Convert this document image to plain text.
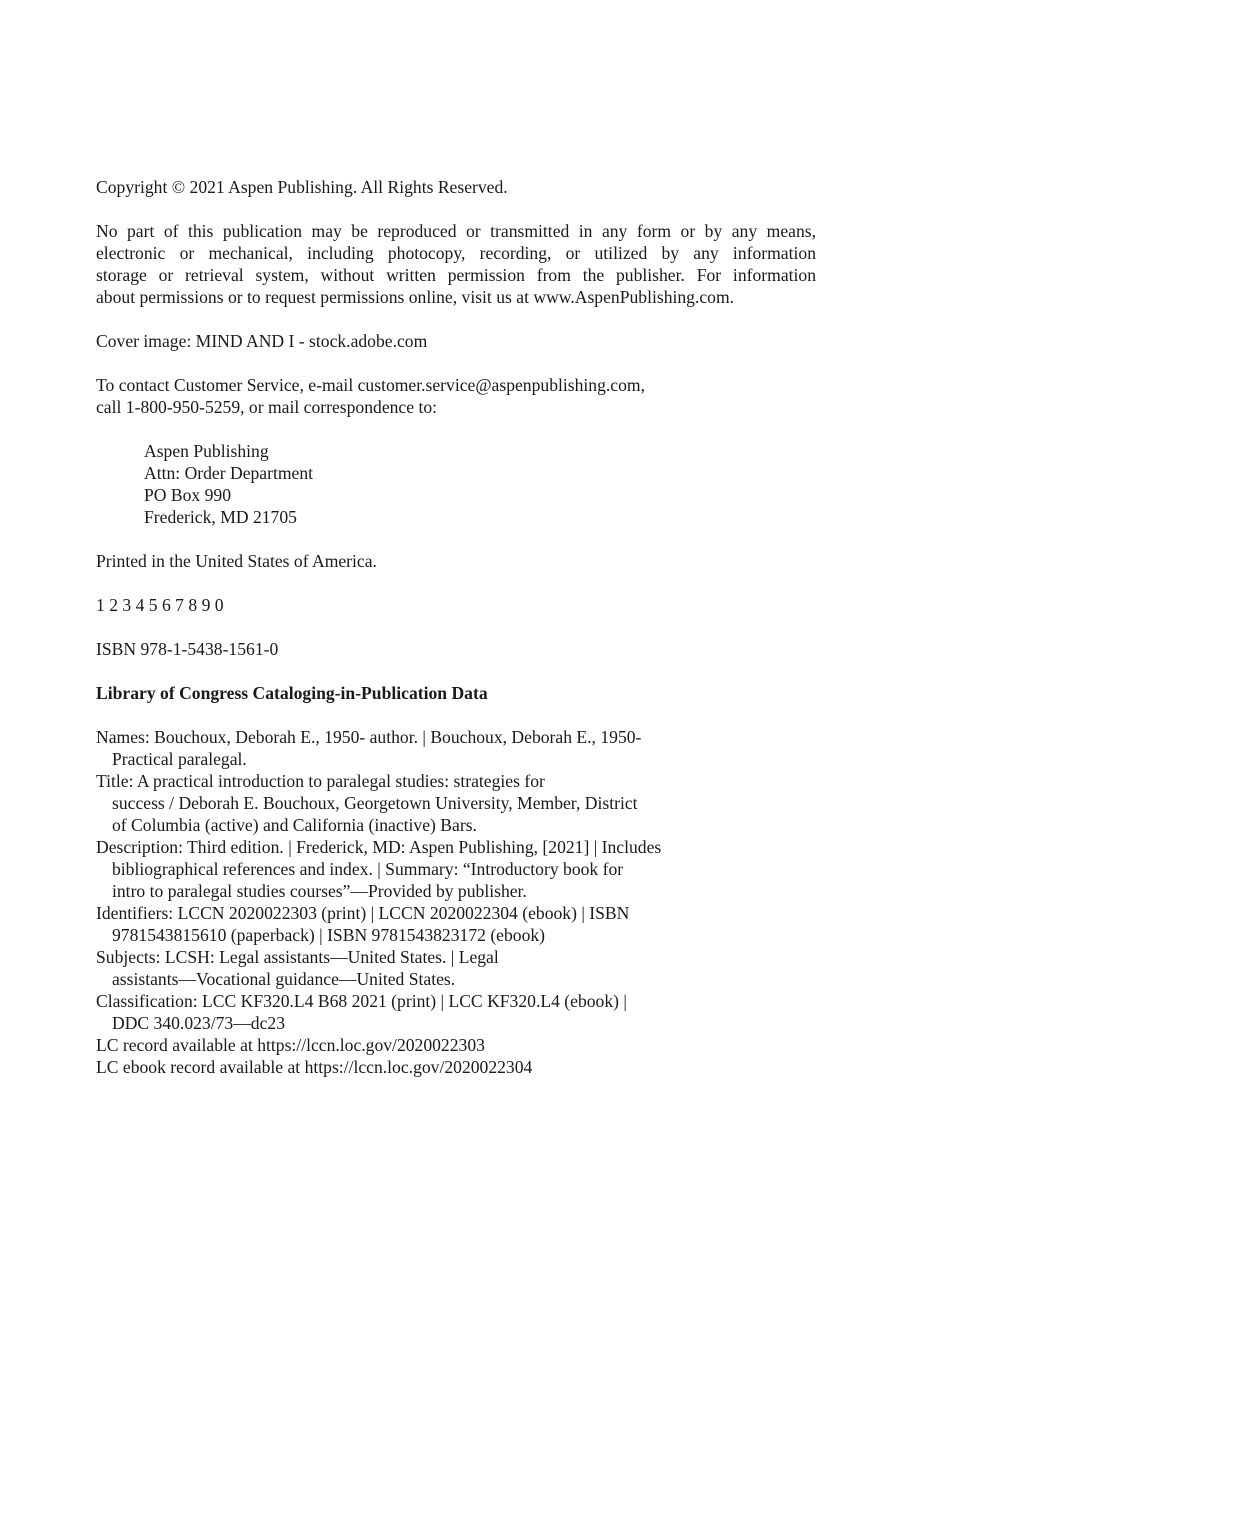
Copyright © 2021 Aspen Publishing. All Rights Reserved.
No part of this publication may be reproduced or transmitted in any form or by any means,
electronic or mechanical, including photocopy, recording, or utilized by any information
storage or retrieval system, without written permission from the publisher. For information
about permissions or to request permissions online, visit us at www.AspenPublishing.com.
Cover image: MIND AND I - stock.adobe.com
To contact Customer Service, e-mail customer.service@aspenpublishing.com,
call 1-800-950-5259, or mail correspondence to:
Aspen Publishing
Attn: Order Department
PO Box 990
Frederick, MD 21705
Printed in the United States of America.
1 2 3 4 5 6 7 8 9 0
ISBN 978-1-5438-1561-0
Library of Congress Cataloging-in-Publication Data
Names: Bouchoux, Deborah E., 1950- author. | Bouchoux, Deborah E., 1950-
Practical paralegal.
Title: A practical introduction to paralegal studies: strategies for
success / Deborah E. Bouchoux, Georgetown University, Member, District
of Columbia (active) and California (inactive) Bars.
Description: Third edition. | Frederick, MD: Aspen Publishing, [2021] | Includes
bibliographical references and index. | Summary: “Introductory book for
intro to paralegal studies courses”—Provided by publisher.
Identifiers: LCCN 2020022303 (print) | LCCN 2020022304 (ebook) | ISBN
9781543815610 (paperback) | ISBN 9781543823172 (ebook)
Subjects: LCSH: Legal assistants—United States. | Legal
assistants—Vocational guidance—United States.
Classification: LCC KF320.L4 B68 2021 (print) | LCC KF320.L4 (ebook) |
DDC 340.023/73—dc23
LC record available at https://lccn.loc.gov/2020022303
LC ebook record available at https://lccn.loc.gov/2020022304
